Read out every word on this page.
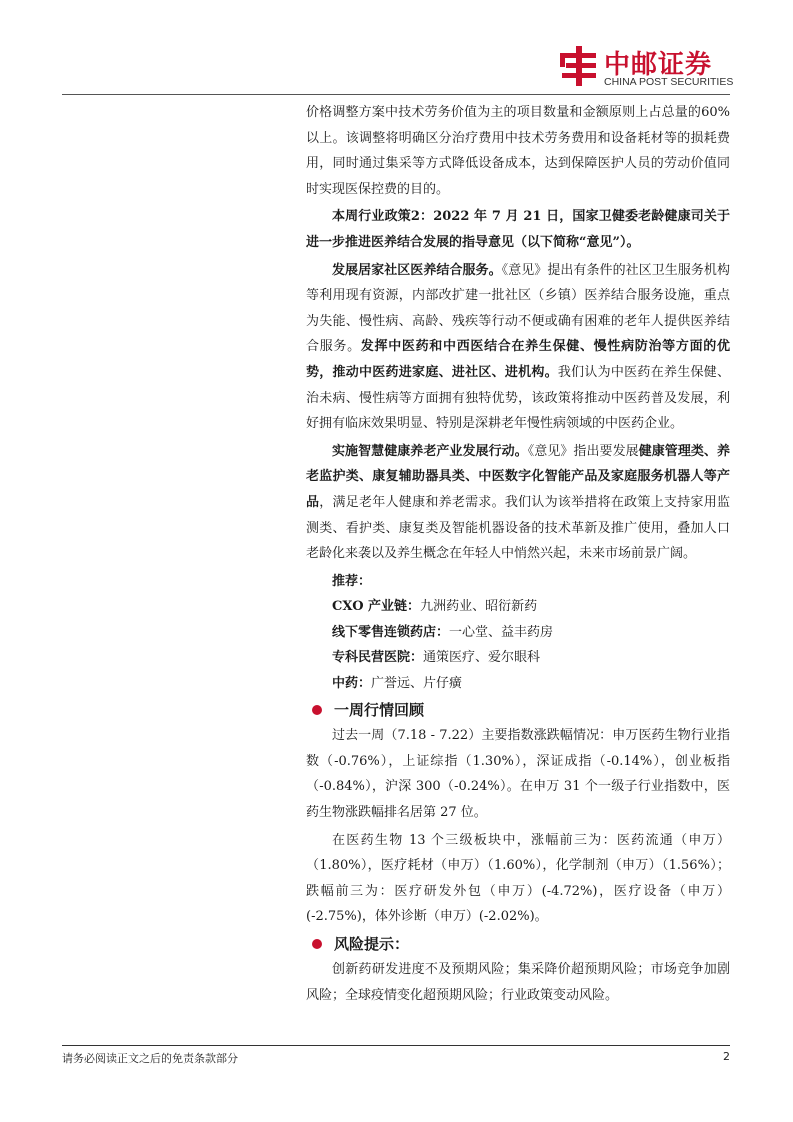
中邮证券
CHINA POST SECURITIES

价格调整方案中技术劳务价值为主的项目数量和金额原则上占总量的60%以上。该调整将明确区分治疗费用中技术劳务费用和设备耗材等的损耗费用，同时通过集采等方式降低设备成本，达到保障医护人员的劳动价值同时实现医保控费的目的。

本周行业政策2：2022 年 7 月 21 日，国家卫健委老龄健康司关于进一步推进医养结合发展的指导意见（以下简称“意见”）。

发展居家社区医养结合服务。《意见》提出有条件的社区卫生服务机构等利用现有资源，内部改扩建一批社区（乡镇）医养结合服务设施，重点为失能、慢性病、高龄、残疾等行动不便或确有困难的老年人提供医养结合服务。发挥中医药和中西医结合在养生保健、慢性病防治等方面的优势，推动中医药进家庭、进社区、进机构。我们认为中医药在养生保健、治未病、慢性病等方面拥有独特优势，该政策将推动中医药普及发展，利好拥有临床效果明显、特别是深耕老年慢性病领域的中医药企业。

实施智慧健康养老产业发展行动。《意见》指出要发展健康管理类、养老监护类、康复辅助器具类、中医数字化智能产品及家庭服务机器人等产品，满足老年人健康和养老需求。我们认为该举措将在政策上支持家用监测类、看护类、康复类及智能机器设备的技术革新及推广使用，叠加人口老龄化来袭以及养生概念在年轻人中悄然兴起，未来市场前景广阔。

推荐：
CXO 产业链：九洲药业、昭衍新药
线下零售连锁药店：一心堂、益丰药房
专科民营医院：通策医疗、爱尔眼科
中药：广誉远、片仔癀
一周行情回顾

过去一周（7.18 - 7.22）主要指数涨跌幅情况：申万医药生物行业指数（-0.76%），上证综指（1.30%），深证成指（-0.14%），创业板指（-0.84%），沪深 300（-0.24%）。在申万 31 个一级子行业指数中，医药生物涨跌幅排名居第 27 位。

在医药生物 13 个三级板块中，涨幅前三为：医药流通（申万）（1.80%），医疗耗材（申万）（1.60%），化学制剂（申万）（1.56%）；跌幅前三为：医疗研发外包（申万）(-4.72%)，医疗设备（申万）(-2.75%)，体外诊断（申万）(-2.02%)。

风险提示：

创新药研发进度不及预期风险；集采降价超预期风险；市场竞争加剧风险；全球疫情变化超预期风险；行业政策变动风险。

请务必阅读正文之后的免责条款部分	2
